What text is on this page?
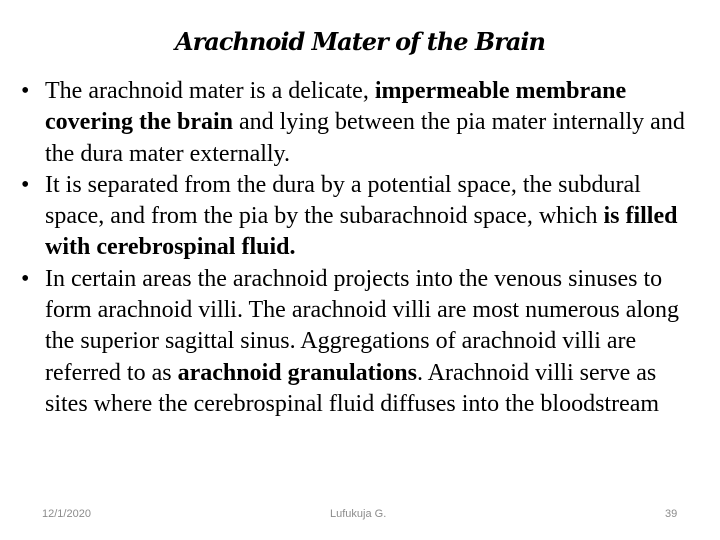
Arachnoid Mater of the Brain
• The arachnoid mater is a delicate, impermeable membrane covering the brain and lying between the pia mater internally and the dura mater externally.
• It is separated from the dura by a potential space, the subdural space, and from the pia by the subarachnoid space, which is filled with cerebrospinal fluid.
• In certain areas the arachnoid projects into the venous sinuses to form arachnoid villi. The arachnoid villi are most numerous along the superior sagittal sinus. Aggregations of arachnoid villi are referred to as arachnoid granulations. Arachnoid villi serve as sites where the cerebrospinal fluid diffuses into the bloodstream
12/1/2020	Lufukuja G.	39
